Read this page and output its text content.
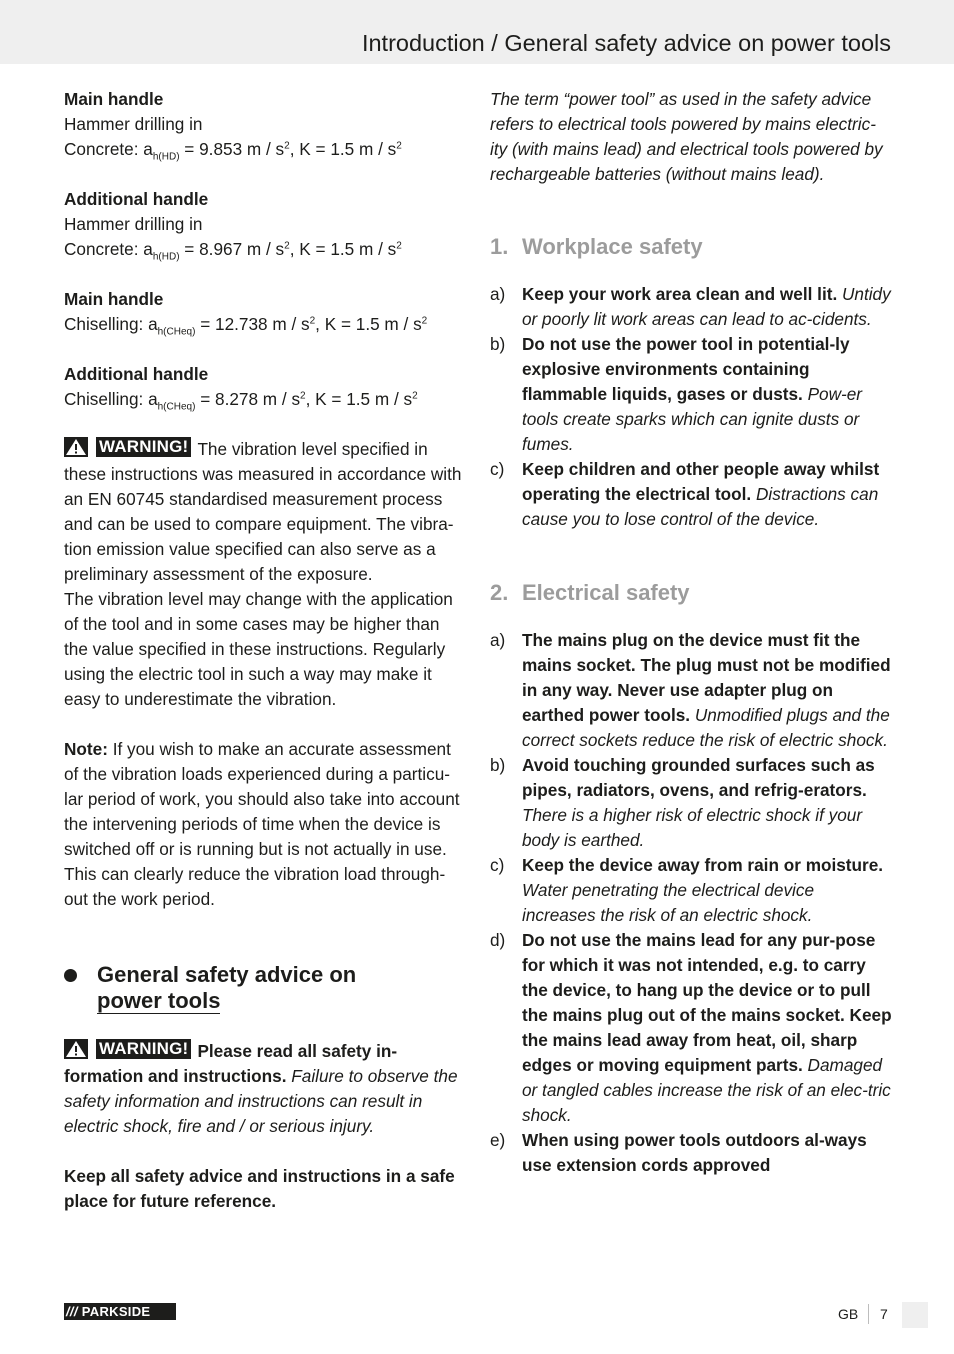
Introduction / General safety advice on power tools

Main handle

Hammer drilling in

Concrete: $a_{h(HD)} = 9.853$ m / $s^2$, K = 1.5 m / $s^2$

Additional handle

Hammer drilling in

Concrete: $a_{h(HD)} = 8.967$ m / $s^2$, K = 1.5 m / $s^2$

Main handle

Chiselling: $a_{h(CHeq)} = 12.738$ m / $s^2$, K = 1.5 m / $s^2$

Additional handle

Chiselling: $a_{h(CHeq)} = 8.278$ m / $s^2$, K = 1.5 m / $s^2$

WARNING! The vibration level specified in these instructions was measured in accordance with an EN 60745 standardised measurement process and can be used to compare equipment. The vibra-tion emission value specified can also serve as a preliminary assessment of the exposure.

The vibration level may change with the application of the tool and in some cases may be higher than the value specified in these instructions. Regularly using the electric tool in such a way may make it easy to underestimate the vibration.

Note: If you wish to make an accurate assessment of the vibration loads experienced during a particu-lar period of work, you should also take into account the intervening periods of time when the device is switched off or is running but is not actually in use. This can clearly reduce the vibration load through-out the work period.

General safety advice on
power tools

WARNING! Please read all safety in-formation and instructions. Failure to observe the safety information and instructions can result in electric shock, fire and / or serious injury.

Keep all safety advice and instructions in a safe place for future reference.

The term “power tool” as used in the safety advice refers to electrical tools powered by mains electric-ity (with mains lead) and electrical tools powered by rechargeable batteries (without mains lead).

1. Workplace safety
a) Keep your work area clean and well lit. Untidy or poorly lit work areas can lead to ac-cidents.
b) Do not use the power tool in potential-ly explosive environments containing flammable liquids, gases or dusts. Pow-er tools create sparks which can ignite dusts or fumes.
c)	Keep children and other people away whilst operating the electrical tool. Distractions can cause you to lose control of the device.
2. Electrical safety
a) The mains plug on the device must fit the mains socket. The plug must not be modified in any way. Never use adapter plug on earthed power tools. Unmodified plugs and the correct sockets reduce the risk of electric shock.
b) Avoid touching grounded surfaces such as pipes, radiators, ovens, and refrig-erators. There is a higher risk of electric shock if your body is earthed.
c)	Keep the device away from rain or moisture. Water penetrating the electrical device increases the risk of an electric shock.
d) Do not use the mains lead for any pur-pose for which it was not intended, e.g. to carry the device, to hang up the device or to pull the mains plug out of the mains socket. Keep the mains lead away from heat, oil, sharp edges or moving equipment parts. Damaged or tangled cables increase the risk of an elec-tric shock.
e) When using power tools outdoors al-ways use extension cords approved
/// PARKSIDE	GB 7
